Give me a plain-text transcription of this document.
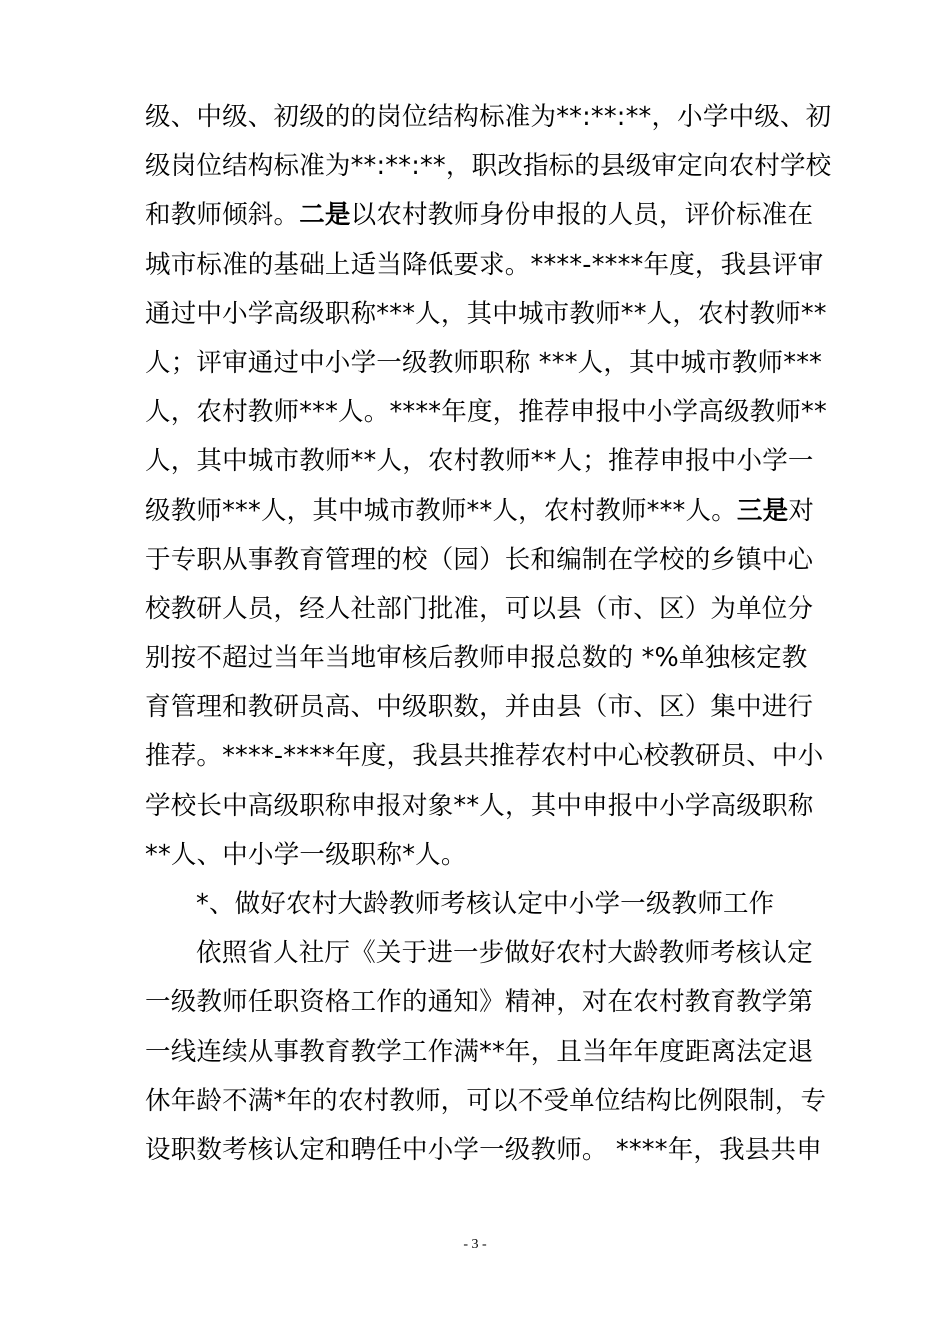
级、中级、初级的的岗位结构标准为**:**:**，小学中级、初
级岗位结构标准为**:**:**，职改指标的县级审定向农村学校
和教师倾斜。二是以农村教师身份申报的人员，评价标准在
城市标准的基础上适当降低要求。****-****年度，我县评审
通过中小学高级职称***人，其中城市教师**人，农村教师**
人；评审通过中小学一级教师职称 ***人，其中城市教师***
人，农村教师***人。****年度，推荐申报中小学高级教师**
人，其中城市教师**人，农村教师**人；推荐申报中小学一
级教师***人，其中城市教师**人，农村教师***人。三是对
于专职从事教育管理的校（园）长和编制在学校的乡镇中心
校教研人员，经人社部门批准，可以县（市、区）为单位分
别按不超过当年当地审核后教师申报总数的 *%单独核定教
育管理和教研员高、中级职数，并由县（市、区）集中进行
推荐。****-****年度，我县共推荐农村中心校教研员、中小
学校长中高级职称申报对象**人，其中申报中小学高级职称
**人、中小学一级职称*人。
*、做好农村大龄教师考核认定中小学一级教师工作
依照省人社厅《关于进一步做好农村大龄教师考核认定
一级教师任职资格工作的通知》精神，对在农村教育教学第
一线连续从事教育教学工作满**年，且当年年度距离法定退
休年龄不满*年的农村教师，可以不受单位结构比例限制，专
设职数考核认定和聘任中小学一级教师。 ****年，我县共申
- 3 -
